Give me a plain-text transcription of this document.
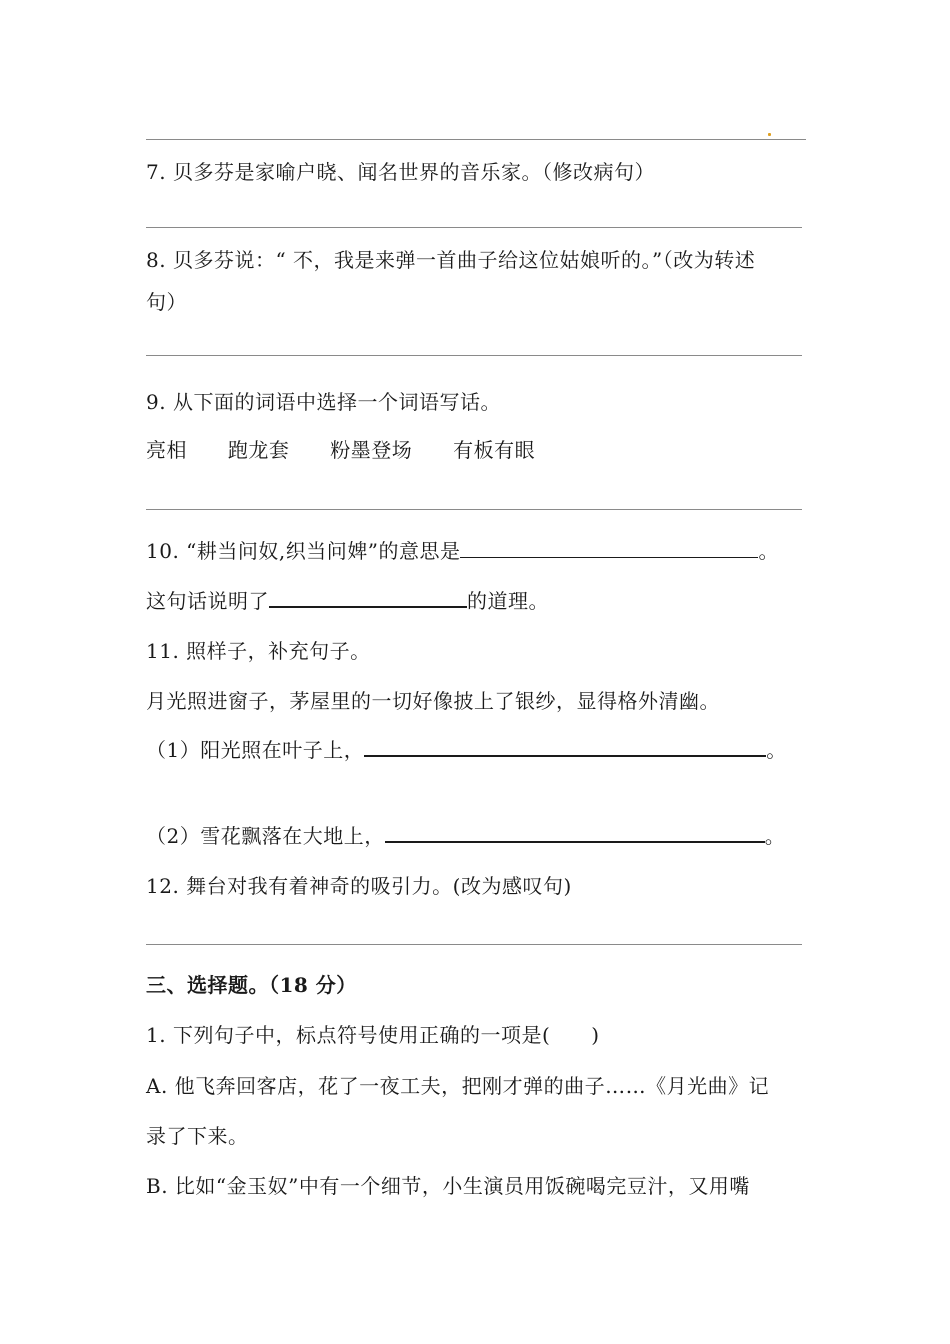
7. 贝多芬是家喻户晓、闻名世界的音乐家。（修改病句）
8. 贝多芬说：“ 不，我是来弹一首曲子给这位姑娘听的。”（改为转述
句）
9. 从下面的词语中选择一个词语写话。
亮相 跑龙套 粉墨登场 有板有眼
10. “耕当问奴,织当问婢”的意思是	。
这句话说明了	的道理。
11. 照样子，补充句子。
月光照进窗子，茅屋里的一切好像披上了银纱，显得格外清幽。
（1）阳光照在叶子上，	。
（2）雪花飘落在大地上，	。
12. 舞台对我有着神奇的吸引力。(改为感叹句)
三、选择题。（18 分）
1. 下列句子中，标点符号使用正确的一项是(　　)
A. 他飞奔回客店，花了一夜工夫，把刚才弹的曲子……《月光曲》记
录了下来。
B. 比如“金玉奴”中有一个细节，小生演员用饭碗喝完豆汁，又用嘴
